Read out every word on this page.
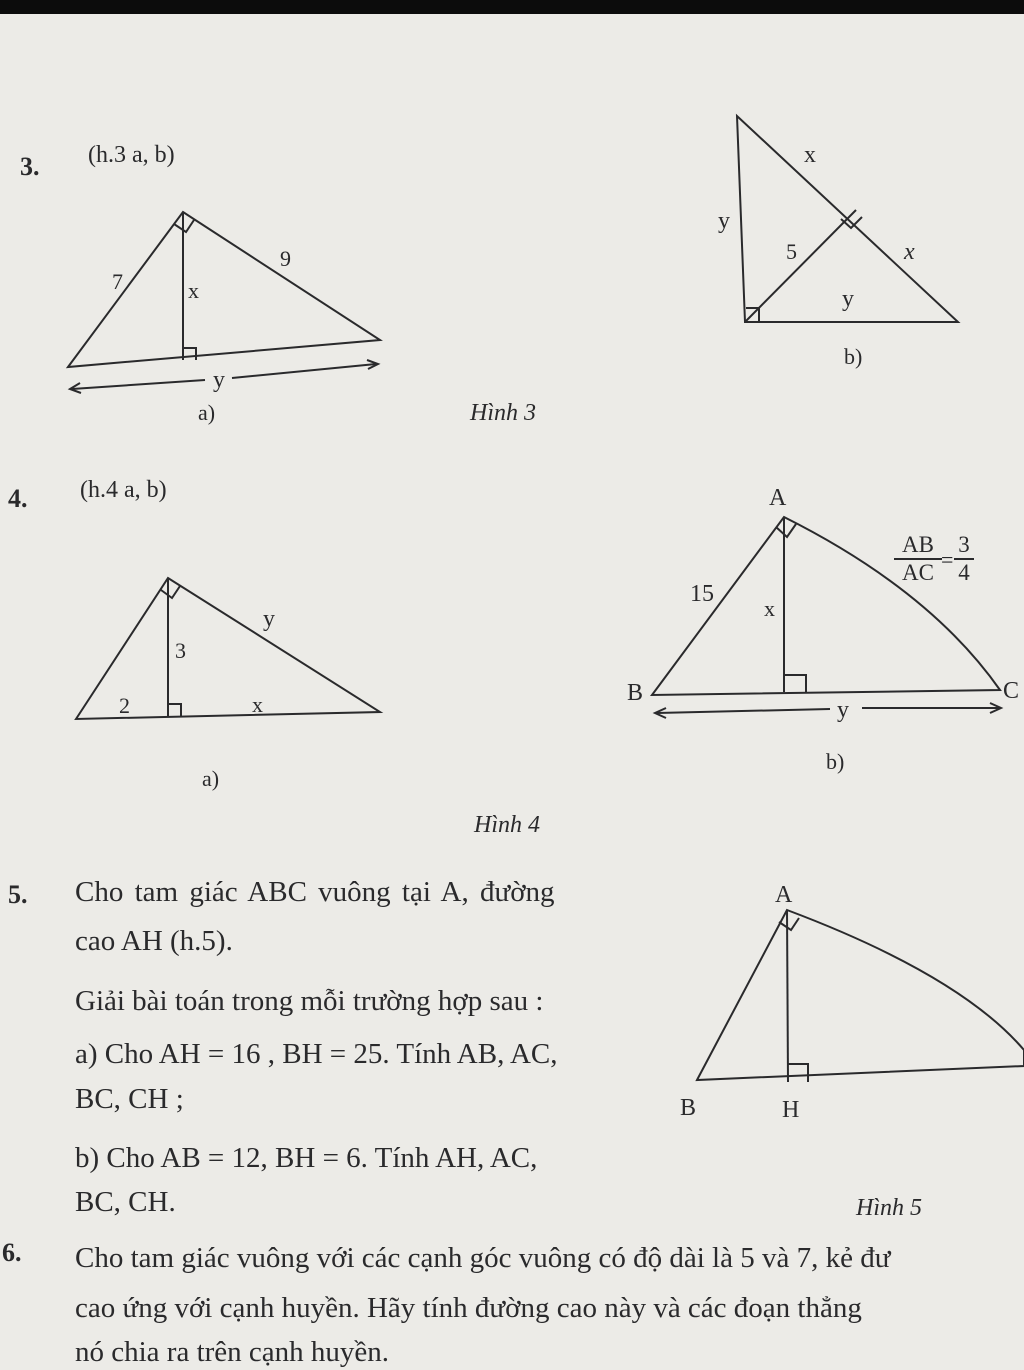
3. (h.3 a, b)
7
9
x
y
x
y
5	x
y
3
2	x
y
A
B	C
15
x
y
A
B	H
$\frac{AB}{AC} = \frac{3}{4}$
a)
b)
Hình 3
4. (h.4 a, b)
a)
b)
Hình 4
5. Cho tam giác ABC vuông tại A, đường
cao AH (h.5).
Giải bài toán trong mỗi trường hợp sau :
a) Cho AH = 16 , BH = 25. Tính AB, AC,
BC, CH ;
b) Cho AB = 12, BH = 6. Tính AH, AC,
BC, CH.	Hình 5
6. Cho tam giác vuông với các cạnh góc vuông có độ dài là 5 và 7, kẻ đư
cao ứng với cạnh huyền. Hãy tính đường cao này và các đoạn thẳng
nó chia ra trên cạnh huyền.
